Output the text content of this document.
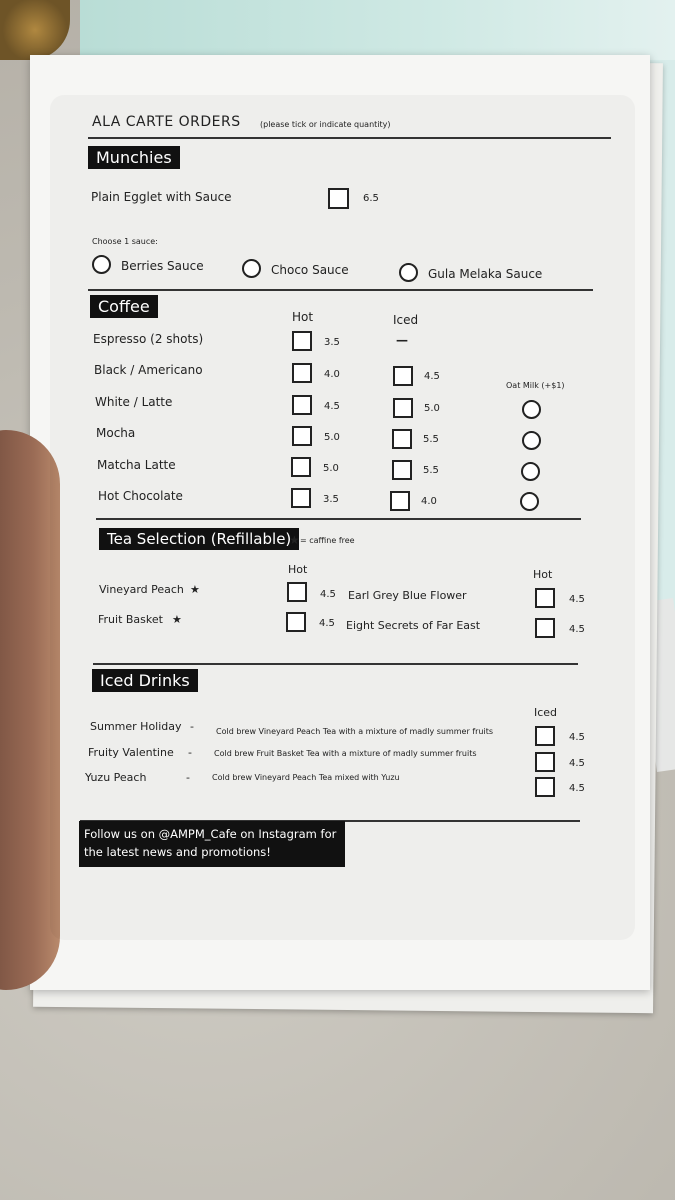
ALA CARTE ORDERS (please tick or indicate quantity)
Munchies
Plain Egglet with Sauce	6.5
Choose 1 sauce:
Berries Sauce	Choco Sauce	Gula Melaka Sauce
Coffee
Hot	Iced
Oat Milk (+$1)
Espresso (2 shots)	3.5	—
Black / Americano	4.0	4.5
White / Latte	4.5	5.0
Mocha	5.0	5.5
Matcha Latte	5.0	5.5
Hot Chocolate	3.5	4.0
Tea Selection (Refillable)
★ = caffine free
Hot	Hot
Vineyard Peach ★	4.5 Earl Grey Blue Flower	4.5
Fruit Basket ★	4.5 Eight Secrets of Far East	4.5
Iced Drinks
Iced
Summer Holiday -	Cold brew Vineyard Peach Tea with a mixture of madly summer fruits
4.5
Fruity Valentine -	Cold brew Fruit Basket Tea with a mixture of madly summer fruits
4.5
Yuzu Peach	-	Cold brew Vineyard Peach Tea mixed with Yuzu
4.5
Follow us on @AMPM_Cafe on Instagram for
the latest news and promotions!
